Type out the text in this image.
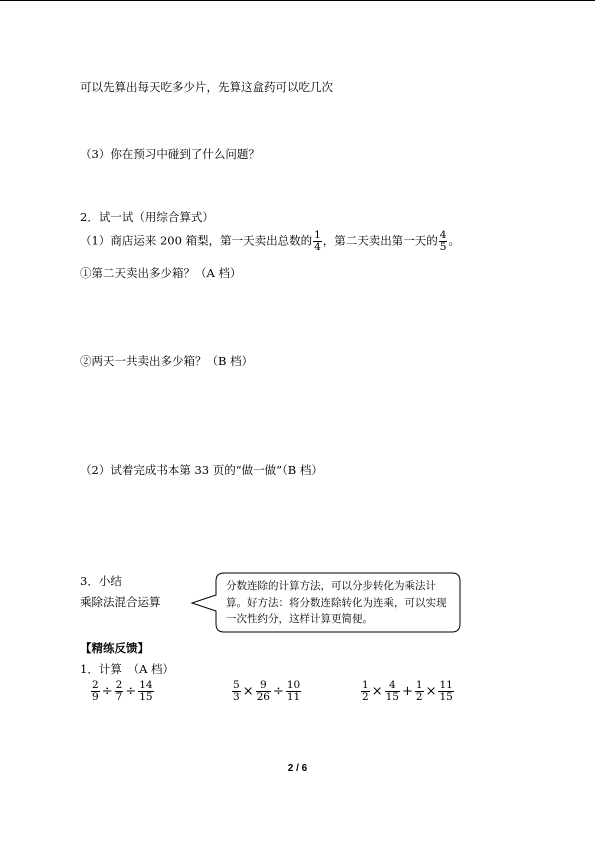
可以先算出每天吃多少片，先算这盒药可以吃几次
（3）你在预习中碰到了什么问题？
2．试一试（用综合算式）
（1）商店运来 200 箱梨，第一天卖出总数的 $\frac{1}{4}$ ，第二天卖出第一天的 $\frac{4}{5}$ 。
①第二天卖出多少箱？（A 档）
②两天一共卖出多少箱？（B 档）
（2）试着完成书本第 33 页的“做一做”（B 档）
3．小结
乘除法混合运算
分数连除的计算方法，可以分步转化为乘法计算。好方法：将分数连除转化为连乘，可以实现一次性约分，这样计算更简便。
【精练反馈】
1．计算　（A 档）
$\frac{2}{9} \div \frac{2}{7} \div \frac{14}{15}$	$\frac{5}{3} \times \frac{9}{26} \div \frac{10}{11}$	$\frac{1}{2} \times \frac{4}{15} + \frac{1}{2} \times \frac{11}{15}$
2 / 6
